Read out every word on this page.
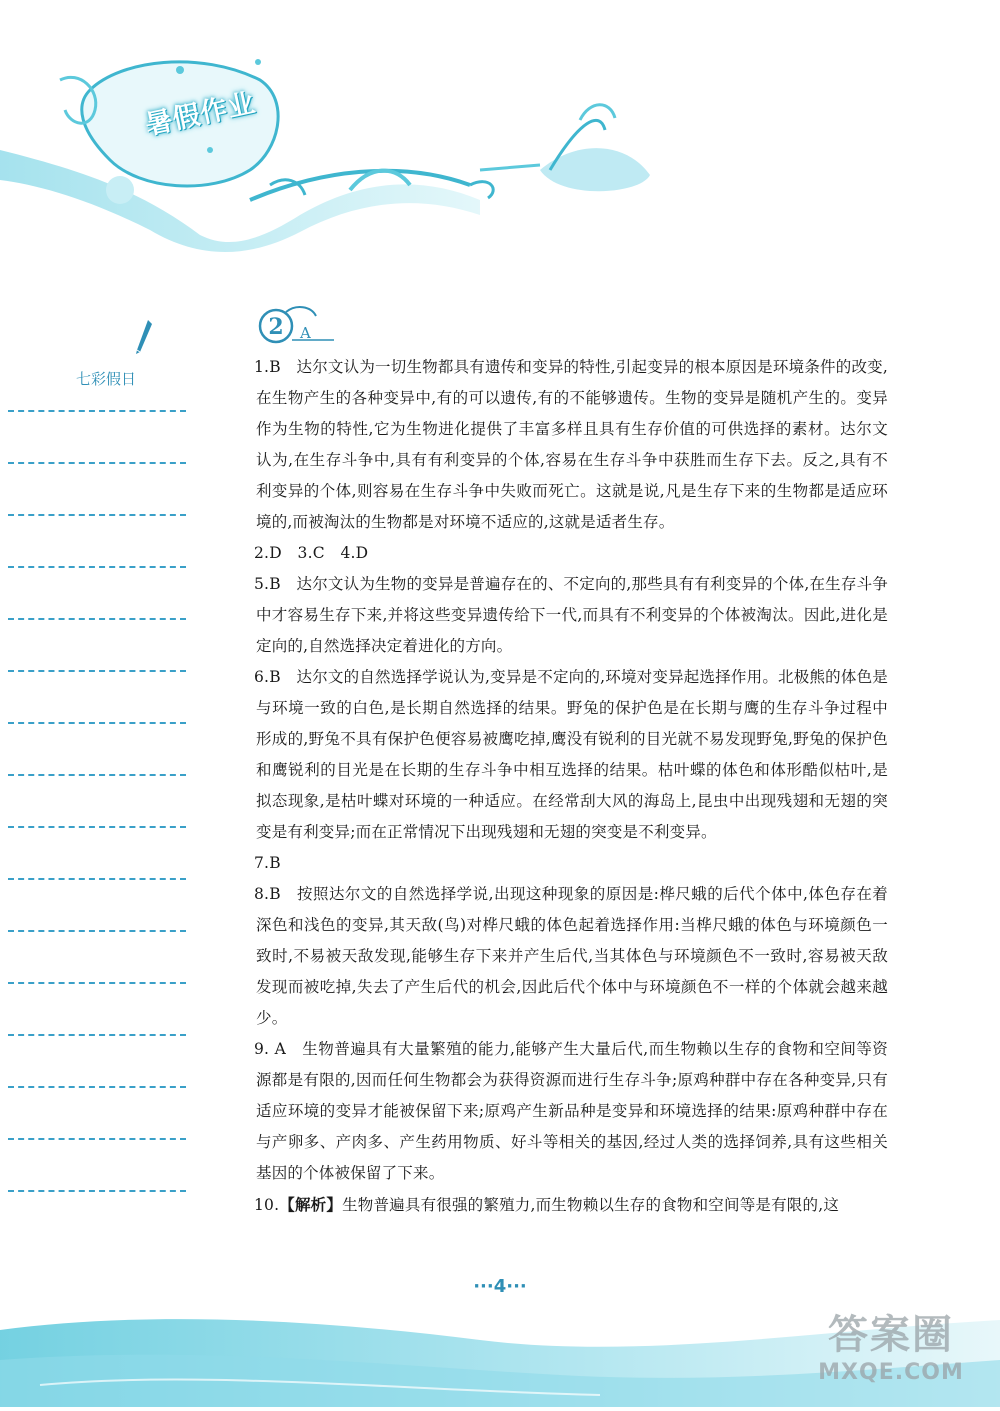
暑假作业
七彩假日
2 A

1.B　 达尔文认为一切生物都具有遗传和变异的特性,引起变异的根本原因是环境条件的改变,在生物产生的各种变异中,有的可以遗传,有的不能够遗传。生物的变异是随机产生的。变异作为生物的特性,它为生物进化提供了丰富多样且具有生存价值的可供选择的素材。达尔文认为,在生存斗争中,具有有利变异的个体,容易在生存斗争中获胜而生存下去。反之,具有不利变异的个体,则容易在生存斗争中失败而死亡。这就是说,凡是生存下来的生物都是适应环境的,而被淘汰的生物都是对环境不适应的,这就是适者生存。

2.D　 3.C　4.D

5.B　 达尔文认为生物的变异是普遍存在的、不定向的,那些具有有利变异的个体,在生存斗争中才容易生存下来,并将这些变异遗传给下一代,而具有不利变异的个体被淘汰。因此,进化是定向的,自然选择决定着进化的方向。

6.B　 达尔文的自然选择学说认为,变异是不定向的,环境对变异起选择作用。北极熊的体色是与环境一致的白色,是长期自然选择的结果。野兔的保护色是在长期与鹰的生存斗争过程中形成的,野兔不具有保护色便容易被鹰吃掉,鹰没有锐利的目光就不易发现野兔,野兔的保护色和鹰锐利的目光是在长期的生存斗争中相互选择的结果。枯叶蝶的体色和体形酷似枯叶,是拟态现象,是枯叶蝶对环境的一种适应。在经常刮大风的海岛上,昆虫中出现残翅和无翅的突变是有利变异;而在正常情况下出现残翅和无翅的突变是不利变异。

7.B

8.B　 按照达尔文的自然选择学说,出现这种现象的原因是:桦尺蛾的后代个体中,体色存在着深色和浅色的变异,其天敌(鸟)对桦尺蛾的体色起着选择作用:当桦尺蛾的体色与环境颜色一致时,不易被天敌发现,能够生存下来并产生后代,当其体色与环境颜色不一致时,容易被天敌发现而被吃掉,失去了产生后代的机会,因此后代个体中与环境颜色不一样的个体就会越来越少。

9. A　 生物普遍具有大量繁殖的能力,能够产生大量后代,而生物赖以生存的食物和空间等资源都是有限的,因而任何生物都会为获得资源而进行生存斗争;原鸡种群中存在各种变异,只有适应环境的变异才能被保留下来;原鸡产生新品种是变异和环境选择的结果:原鸡种群中存在与产卵多、产肉多、产生药用物质、好斗等相关的基因,经过人类的选择饲养,具有这些相关基因的个体被保留了下来。

10.【解析】生物普遍具有很强的繁殖力,而生物赖以生存的食物和空间等是有限的,这

···4···
答案圈
MXQE.COM
